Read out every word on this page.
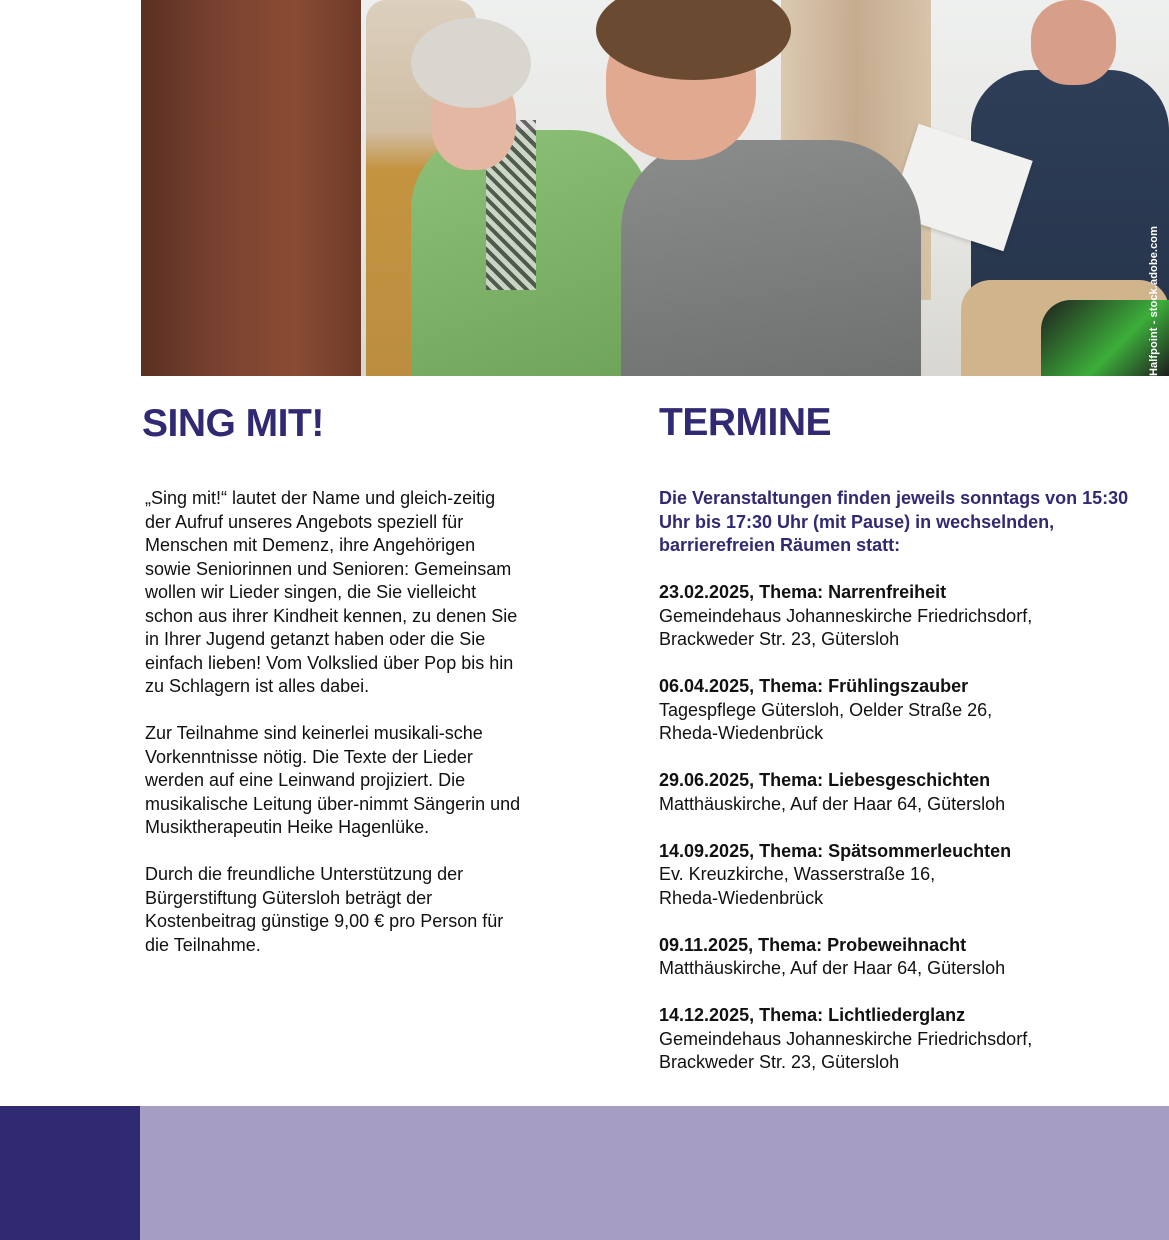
Halfpoint - stock.adobe.com
SING MIT!	TERMINE

„Sing mit!“ lautet der Name und gleich-zeitig der Aufruf unseres Angebots speziell für Menschen mit Demenz, ihre Angehörigen sowie Seniorinnen und Senioren: Gemeinsam wollen wir Lieder singen, die Sie vielleicht schon aus ihrer Kindheit kennen, zu denen Sie in Ihrer Jugend getanzt haben oder die Sie einfach lieben! Vom Volkslied über Pop bis hin zu Schlagern ist alles dabei.

Zur Teilnahme sind keinerlei musikali-sche Vorkenntnisse nötig. Die Texte der Lieder werden auf eine Leinwand projiziert. Die musikalische Leitung über-nimmt Sängerin und Musiktherapeutin Heike Hagenlüke.

Durch die freundliche Unterstützung der Bürgerstiftung Gütersloh beträgt der Kostenbeitrag günstige 9,00 € pro Person für die Teilnahme.

Die Veranstaltungen finden jeweils sonntags von 15:30 Uhr bis 17:30 Uhr (mit Pause) in wechselnden, barrierefreien Räumen statt:

23.02.2025, Thema: Narrenfreiheit
Gemeindehaus Johanneskirche Friedrichsdorf,
Brackweder Str. 23, Gütersloh
06.04.2025, Thema: Frühlingszauber
Tagespflege Gütersloh, Oelder Straße 26,
Rheda-Wiedenbrück
29.06.2025, Thema: Liebesgeschichten
Matthäuskirche, Auf der Haar 64, Gütersloh
14.09.2025, Thema: Spätsommerleuchten
Ev. Kreuzkirche, Wasserstraße 16,
Rheda-Wiedenbrück
09.11.2025, Thema: Probeweihnacht
Matthäuskirche, Auf der Haar 64, Gütersloh
14.12.2025, Thema: Lichtliederglanz
Gemeindehaus Johanneskirche Friedrichsdorf,
Brackweder Str. 23, Gütersloh
